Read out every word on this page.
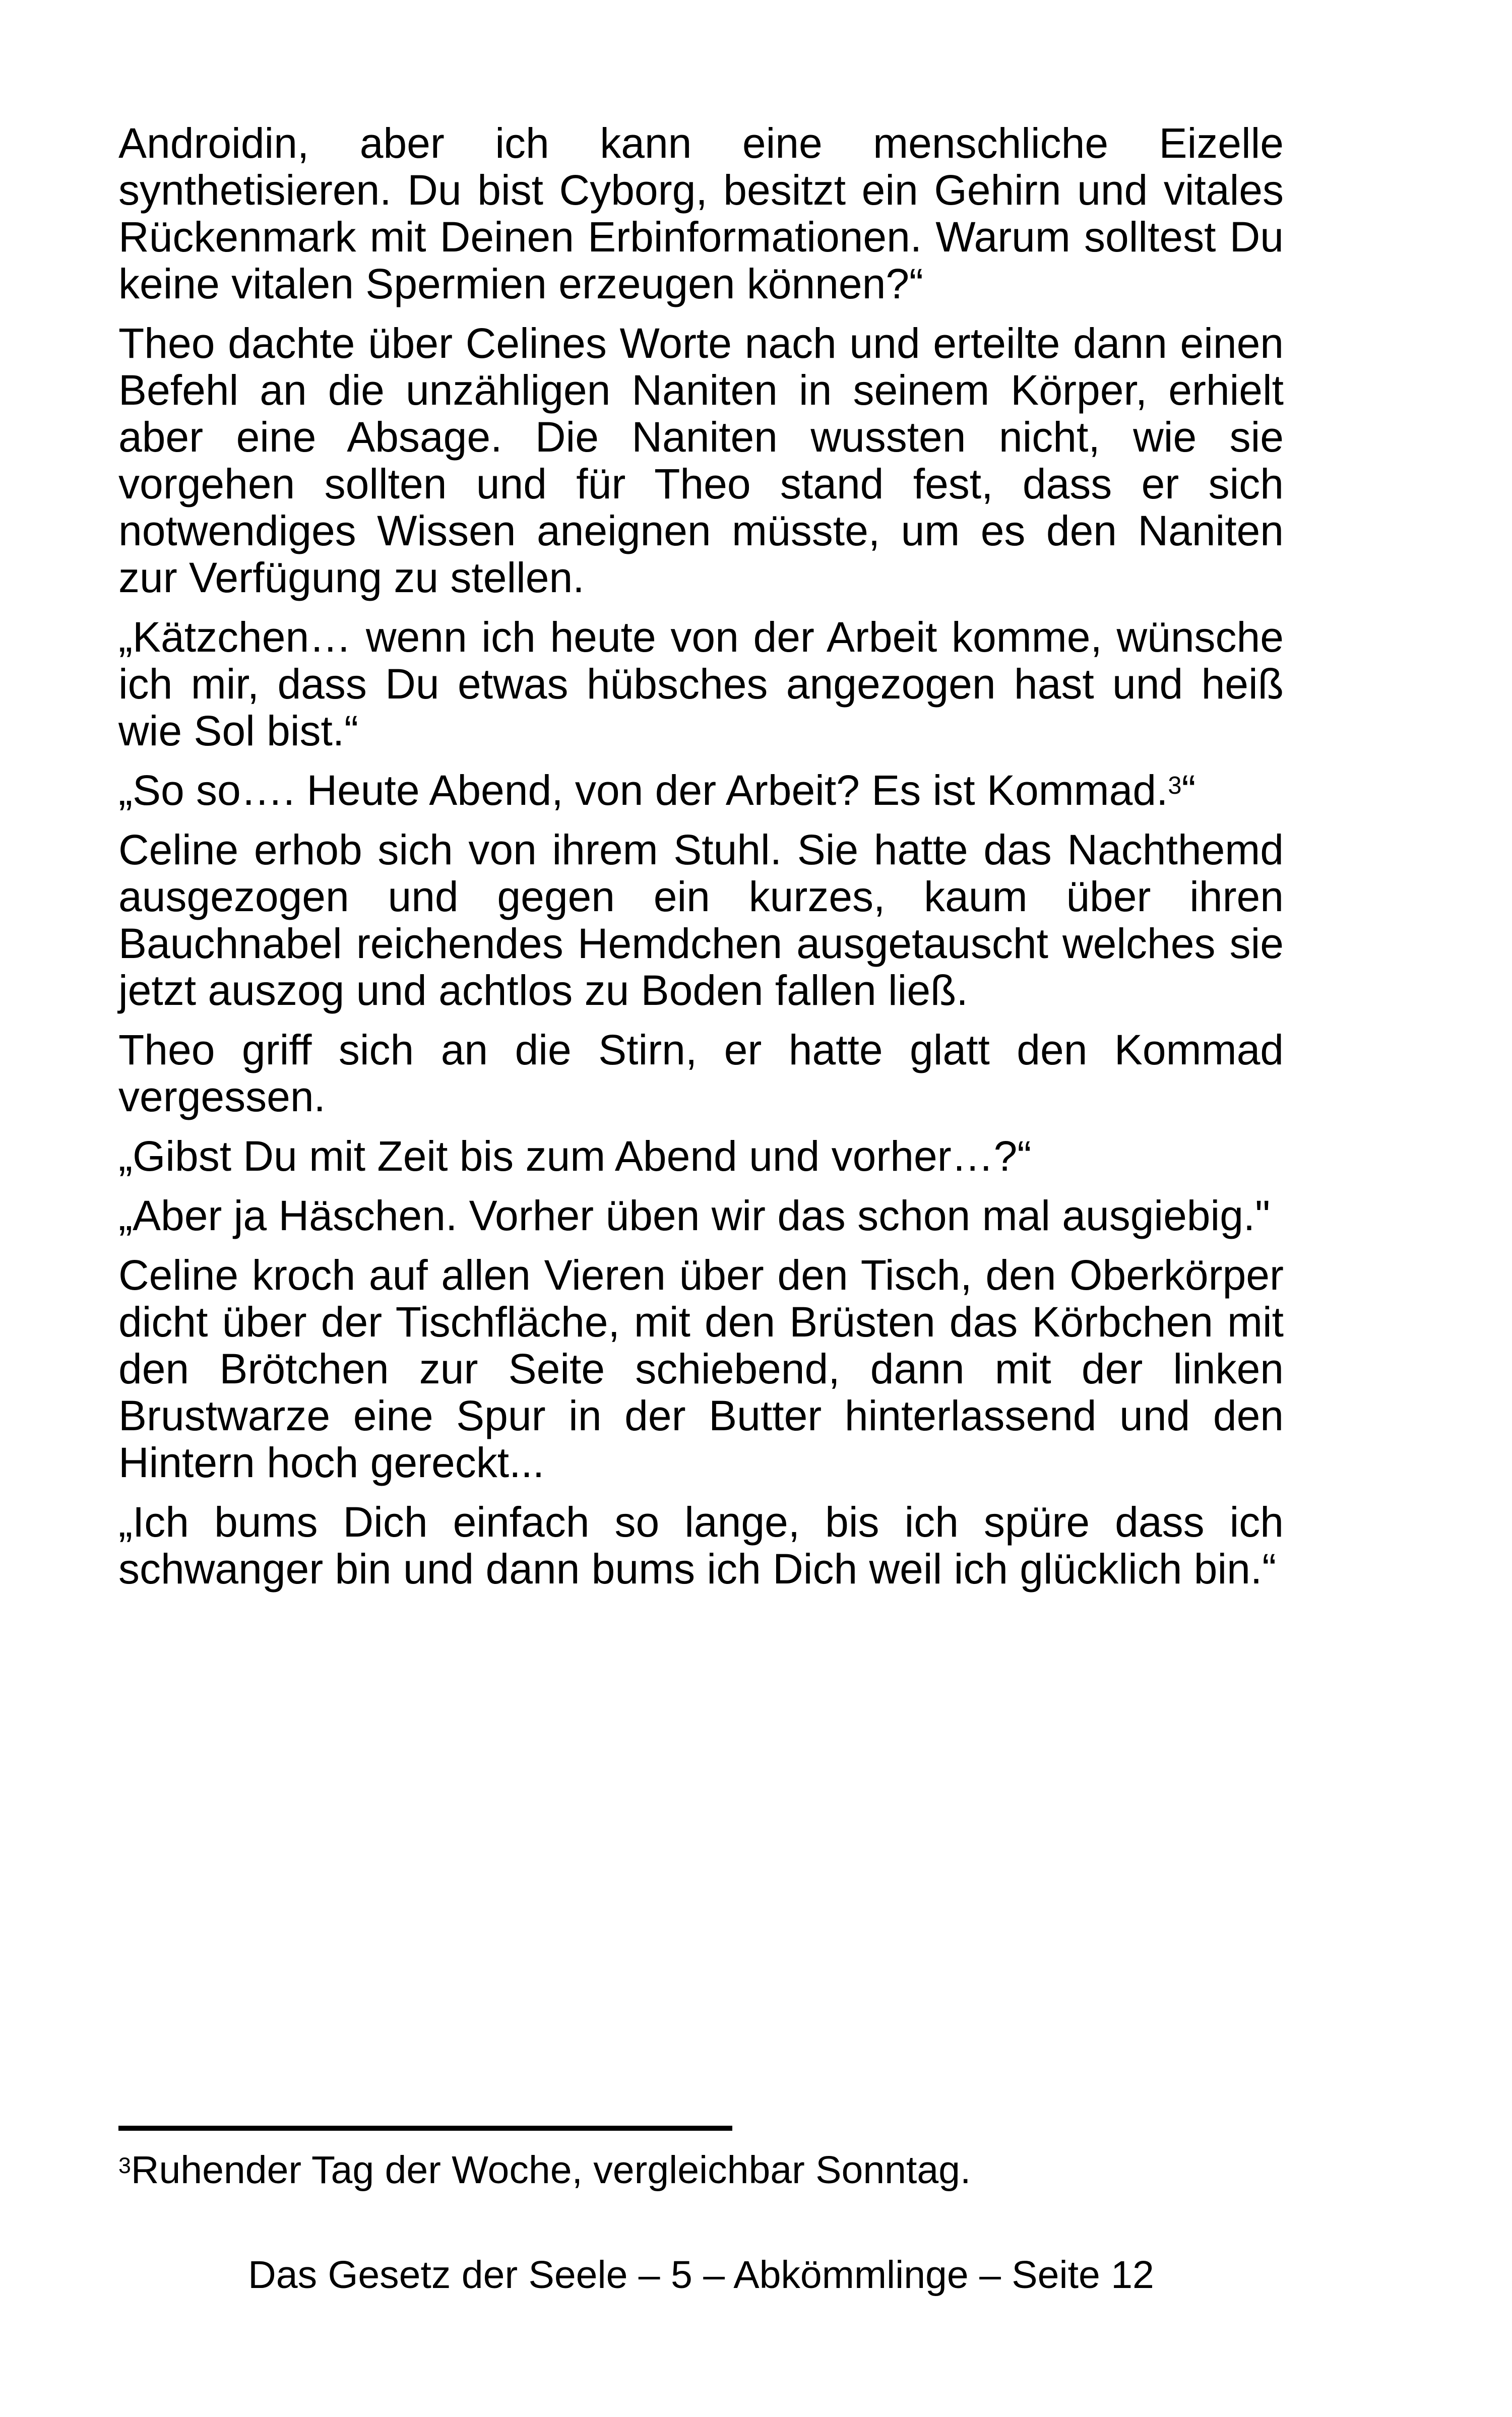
Androidin, aber ich kann eine menschliche Eizelle synthetisieren. Du bist Cyborg, besitzt ein Gehirn und vitales Rückenmark mit Deinen Erbinformationen. Warum solltest Du keine vitalen Spermien erzeugen können?“

Theo dachte über Celines Worte nach und erteilte dann einen Befehl an die unzähligen Naniten in seinem Körper, erhielt aber eine Absage. Die Naniten wussten nicht, wie sie vorgehen sollten und für Theo stand fest, dass er sich notwendiges Wissen aneignen müsste, um es den Naniten zur Verfügung zu stellen.

„Kätzchen… wenn ich heute von der Arbeit komme, wünsche ich mir, dass Du etwas hübsches angezogen hast und heiß wie Sol bist.“

„So so…. Heute Abend, von der Arbeit? Es ist Kommad.$^3$“

Celine erhob sich von ihrem Stuhl. Sie hatte das Nachthemd ausgezogen und gegen ein kurzes, kaum über ihren Bauchnabel reichendes Hemdchen ausgetauscht welches sie jetzt auszog und achtlos zu Boden fallen ließ.

Theo griff sich an die Stirn, er hatte glatt den Kommad vergessen.

„Gibst Du mit Zeit bis zum Abend und vorher…?“

„Aber ja Häschen. Vorher üben wir das schon mal ausgiebig."

Celine kroch auf allen Vieren über den Tisch, den Oberkörper dicht über der Tischfläche, mit den Brüsten das Körbchen mit den Brötchen zur Seite schiebend, dann mit der linken Brustwarze eine Spur in der Butter hinterlassend und den Hintern hoch gereckt...

„Ich bums Dich einfach so lange, bis ich spüre dass ich schwanger bin und dann bums ich Dich weil ich glücklich bin.“

$^3$Ruhender Tag der Woche, vergleichbar Sonntag.
Das Gesetz der Seele – 5 – Abkömmlinge – Seite 12
